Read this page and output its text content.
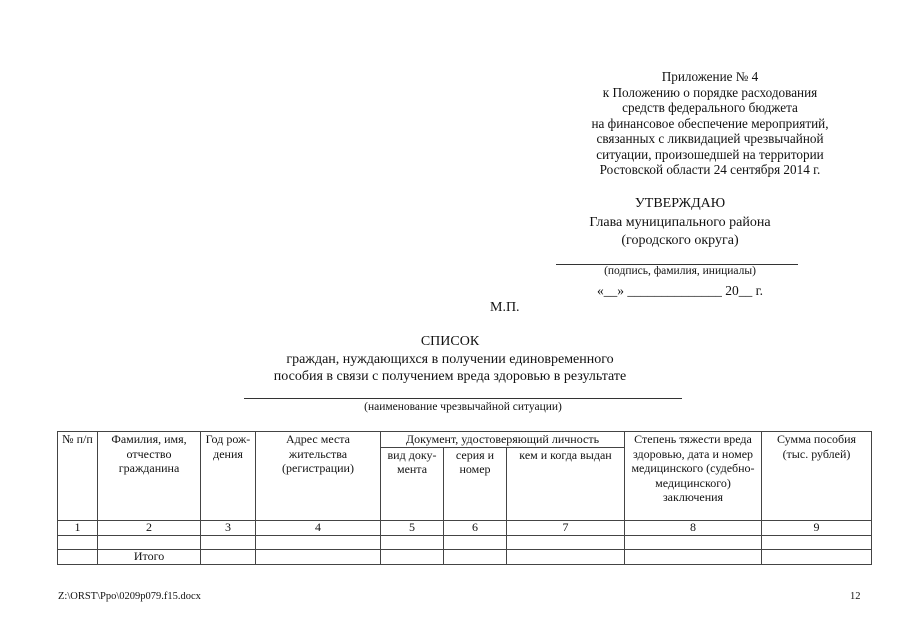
Приложение № 4
к Положению о порядке расходования
средств федерального бюджета
на финансовое обеспечение мероприятий,
связанных с ликвидацией чрезвычайной
ситуации, произошедшей на территории
Ростовской области 24 сентября 2014 г.
УТВЕРЖДАЮ
Глава муниципального района
(городского округа)
(подпись, фамилия, инициалы)
«__» ______________ 20__ г.
М.П.
СПИСОК
граждан, нуждающихся в получении единовременного
пособия в связи с получением вреда здоровью в результате
(наименование чрезвычайной ситуации)
№ п/п	Фамилия, имя, отчество гражданина	Год рож-дения	Адрес места жительства (регистрации)	Документ, удостоверяющий личность			Степень тяжести вреда здоровью, дата и номер медицинского (судебно-медицинского) заключения	Сумма пособия (тыс. рублей)
				вид доку-мента	серия и номер	кем и когда выдан		
1	2	3	4	5	6	7	8	9

	Итого							
Z:\ORST\Ppo\0209p079.f15.docx	12
